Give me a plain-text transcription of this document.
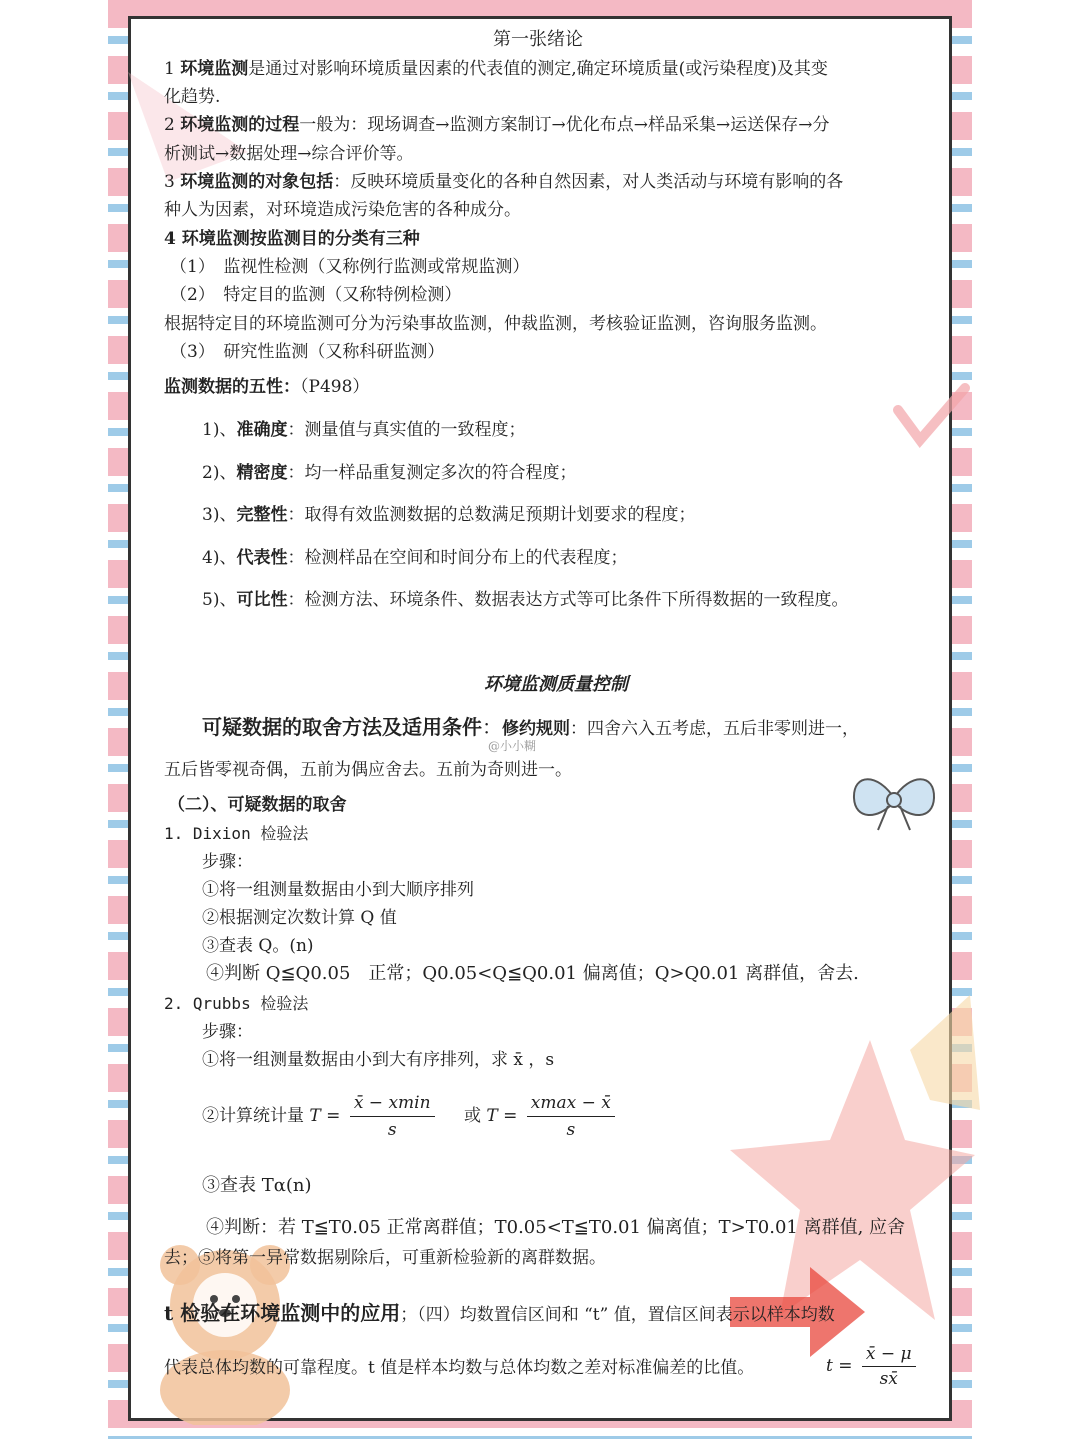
第一张绪论
1 环境监测是通过对影响环境质量因素的代表值的测定,确定环境质量(或污染程度)及其变
化趋势.
2 环境监测的过程一般为：现场调查→监测方案制订→优化布点→样品采集→运送保存→分
析测试→数据处理→综合评价等。
3 环境监测的对象包括：反映环境质量变化的各种自然因素，对人类活动与环境有影响的各
种人为因素，对环境造成污染危害的各种成分。
4 环境监测按监测目的分类有三种
（1）　监视性检测（又称例行监测或常规监测）
（2）　特定目的监测（又称特例检测）
根据特定目的环境监测可分为污染事故监测，仲裁监测，考核验证监测，咨询服务监测。
（3）　研究性监测（又称科研监测）
监测数据的五性：（P498）
1)、准确度：测量值与真实值的一致程度；
2)、精密度：均一样品重复测定多次的符合程度；
3)、完整性：取得有效监测数据的总数满足预期计划要求的程度；
4)、代表性：检测样品在空间和时间分布上的代表程度；
5)、可比性：检测方法、环境条件、数据表达方式等可比条件下所得数据的一致程度。
环境监测质量控制
可疑数据的取舍方法及适用条件：修约规则：四舍六入五考虑，五后非零则进一，
@小小糊
五后皆零视奇偶，五前为偶应舍去。五前为奇则进一。
（二）、可疑数据的取舍
1. Dixion 检验法
步骤：
①将一组测量数据由小到大顺序排列
②根据测定次数计算 Q 值
③查表 Q。(n)
④判断 Q≦Q0.05　正常；Q0.05<Q≦Q0.01 偏离值；Q>Q0.01 离群值，舍去.
2. Qrubbs 检验法
步骤：
①将一组测量数据由小到大有序排列，求 x̄ ，s
②计算统计量 $T = \frac{x̄ - xmin}{s}$ 或 $T = \frac{xmax - x̄}{s}$
③查表 Tα(n)
④判断：若 T≦T0.05 正常离群值；T0.05<T≦T0.01 偏离值；T>T0.01 离群值, 应舍
去；⑤将第一异常数据剔除后，可重新检验新的离群数据。
t 检验在环境监测中的应用；（四）均数置信区间和 “t” 值，置信区间表示以样本均数
代表总体均数的可靠程度。t 值是样本均数与总体均数之差对标准偏差的比值。	$t = \frac{x̄ - \mu}{sx̄}$
